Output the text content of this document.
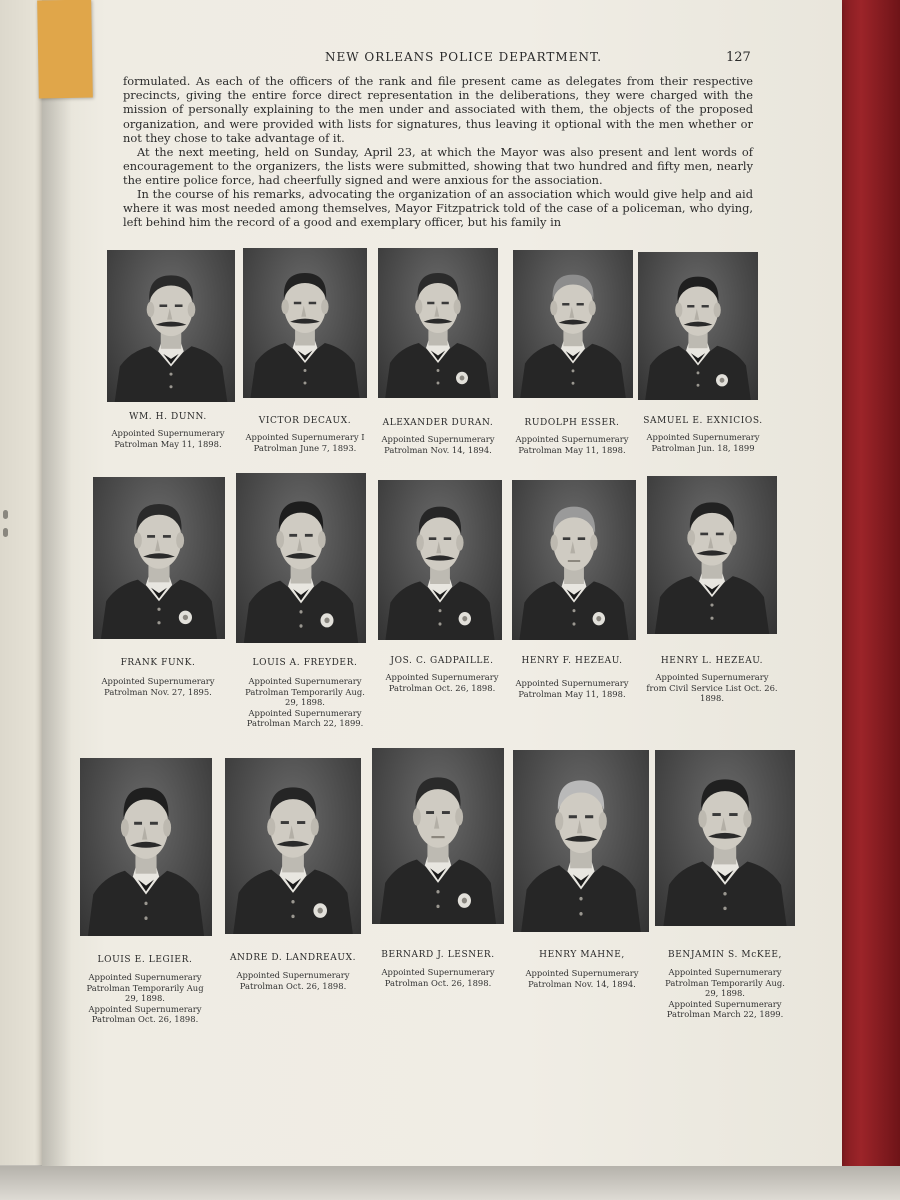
NEW ORLEANS POLICE DEPARTMENT.	127
formulated. As each of the officers of the rank and file present came as delegates from their respective precincts, giving the entire force direct representation in the deliberations, they were charged with the mission of personally explaining to the men under and associated with them, the objects of the proposed organization, and were provided with lists for signatures, thus leaving it optional with the men whether or not they chose to take advantage of it.
At the next meeting, held on Sunday, April 23, at which the Mayor was also present and lent words of encouragement to the organizers, the lists were submitted, showing that two hundred and fifty men, nearly the entire police force, had cheerfully signed and were anxious for the association.
In the course of his remarks, advocating the organization of an association which would give help and aid where it was most needed among themselves, Mayor Fitzpatrick told of the case of a policeman, who dying, left behind him the record of a good and exemplary officer, but his family in
WM. H. DUNN.
Appointed Supernumerary
Patrolman May 11, 1898.
VICTOR DECAUX.
Appointed Supernumerary I
Patrolman June 7, 1893.
ALEXANDER DURAN.
Appointed Supernumerary
Patrolman Nov. 14, 1894.
RUDOLPH ESSER.
Appointed Supernumerary
Patrolman May 11, 1898.
SAMUEL E. EXNICIOS.
Appointed Supernumerary
Patrolman Jun. 18, 1899
FRANK FUNK.
Appointed Supernumerary
Patrolman Nov. 27, 1895.
LOUIS A. FREYDER.
Appointed Supernumerary
Patrolman Temporarily Aug.
29, 1898.
Appointed Supernumerary
Patrolman March 22, 1899.
JOS. C. GADPAILLE.
Appointed Supernumerary
Patrolman Oct. 26, 1898.
HENRY F. HEZEAU.
Appointed Supernumerary
Patrolman May 11, 1898.
HENRY L. HEZEAU.
Appointed Supernumerary
from Civil Service List Oct. 26.
1898.
LOUIS E. LEGIER.
Appointed Supernumerary
Patrolman Temporarily Aug
29, 1898.
Appointed Supernumerary
Patrolman Oct. 26, 1898.
ANDRE D. LANDREAUX.
Appointed Supernumerary
Patrolman Oct. 26, 1898.
BERNARD J. LESNER.
Appointed Supernumerary
Patrolman Oct. 26, 1898.
HENRY MAHNE,
Appointed Supernumerary
Patrolman Nov. 14, 1894.
BENJAMIN S. McKEE,
Appointed Supernumerary
Patrolman Temporarily Aug.
29, 1898.
Appointed Supernumerary
Patrolman March 22, 1899.
